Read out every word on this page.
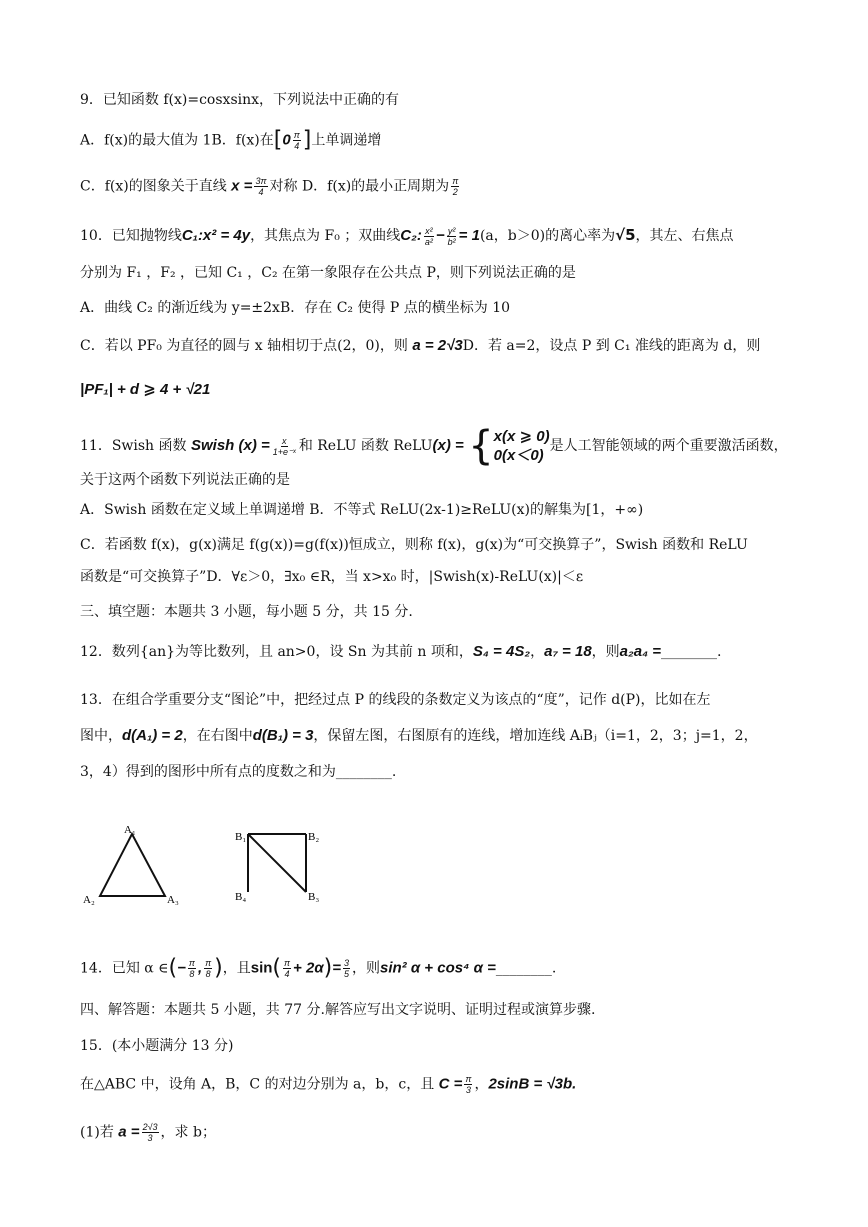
9．已知函数 f(x)=cosxsinx，下列说法中正确的有
A．f(x)的最大值为 1B．f(x)在[$0 \frac{\pi}{4}$ ]上单调递增
C．f(x)的图象关于直线 $x = \frac{3\pi}{4}$ 对称 D．f(x)的最小正周期为 $\frac{\pi}{2}$
10．已知抛物线C₁:x² = 4y，其焦点为 F₀ ；双曲线C₂: $\frac{\text{x²}}{\text{a²}} - \frac{\text{y²}}{\text{b²}} = 1(a$，b＞0)的离心率为√5，其左、右焦点
分别为 F₁ ，F₂ ，已知 C₁ ，C₂ 在第一象限存在公共点 P，则下列说法正确的是
A．曲线 C₂ 的渐近线为 y=±2xB．存在 C₂ 使得 P 点的横坐标为 10
C．若以 PF₀ 为直径的圆与 x 轴相切于点(2，0)，则 a = 2√3D．若 a=2，设点 P 到 C₁ 准线的距离为 d，则
|PF₁| + d ⩾ 4 + √21
11．Swish 函数 Swish $(x) = \frac{x}{\text{1+e⁻ˣ}}$ 和 ReLU 函数 ReLU(x) = { x(x ⩾ 0)
0(x＜0)
是人工智能领域的两个重要激活函数，
关于这两个函数下列说法正确的是
A．Swish 函数在定义域上单调递增 B．不等式 ReLU(2x-1)≥ReLU(x)的解集为[1，+∞)
C．若函数 f(x)，g(x)满足 f(g(x))=g(f(x))恒成立，则称 f(x)，g(x)为“可交换算子”，Swish 函数和 ReLU
函数是“可交换算子”D．∀ε＞0，∃x₀ ∈R，当 x>x₀ 时，|Swish(x)-ReLU(x)|＜ε
三、填空题：本题共 3 小题，每小题 5 分，共 15 分.
12．数列{an}为等比数列，且 an>0，设 Sn 为其前 n 项和，S₄ = 4S₂，a₇ = 18，则a₂a₄ =________.
13．在组合学重要分支“图论”中，把经过点 P 的线段的条数定义为该点的“度”，记作 d(P)，比如在左
图中，d(A₁) = 2，在右图中d(B₁) = 3，保留左图，右图原有的连线，增加连线 AᵢBⱼ（i=1，2，3；j=1，2，
3，4）得到的图形中所有点的度数之和为________.
A₁
A₂	A₃
B₁	B₂
B₃
B₄
14．已知 α ∈(− $\frac{\pi}{8}$ , $\frac{\pi}{8}$ )，且$\sin( \frac{\pi}{4} + 2\alpha)= \frac{3}{5}$ ，则sin² α + cos⁴ α =________.
四、解答题：本题共 5 小题，共 77 分.解答应写出文字说明、证明过程或演算步骤.
15．(本小题满分 13 分)
在△ABC 中，设角 A，B，C 的对边分别为 a，b，c，且 $C = \frac{\pi}{3}$ ，2sinB = √3b.
(1)若 $a = \frac{2√3}{3}$ ，求 b；
